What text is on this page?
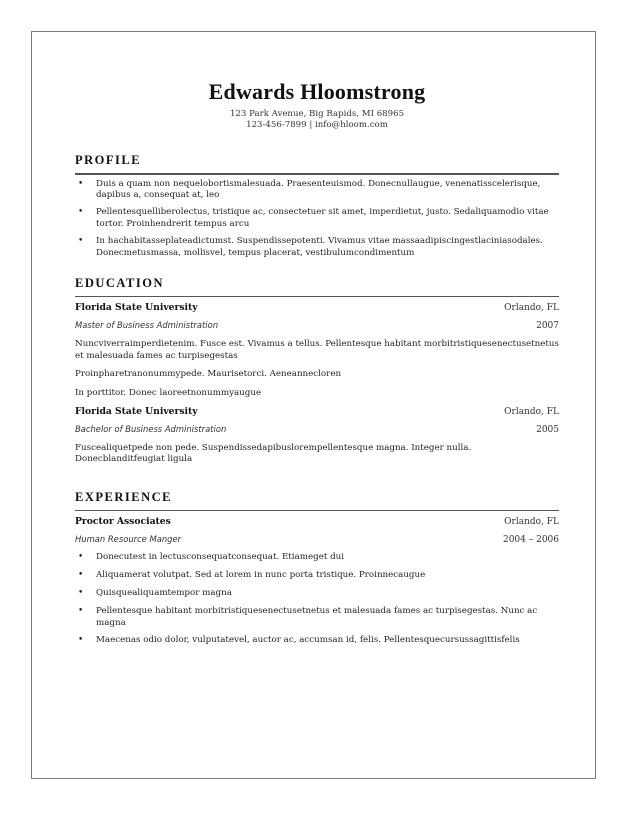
Edwards Hloomstrong
123 Park Avenue, Big Rapids, MI 68965
123-456-7899 | info@hloom.com
PROFILE
• Duis a quam non nequelobortismalesuada. Praesenteuismod. Donecnullaugue, venenatisscelerisque, dapibus a, consequat at, leo
• Pellentesquelliberolectus, tristique ac, consectetuer sit amet, imperdietut, justo. Sedaliquamodio vitae tortor. Proinhendrerit tempus arcu
• In hachabitasseplateadictumst. Suspendissepotenti. Vivamus vitae massaadipiscingestlaciniasodales. Donecmetusmassa, mollisvel, tempus placerat, vestibulumcondimentum
EDUCATION
Florida State University	Orlando, FL
Master of Business Administration	2007
Nuncviverraimperdietenim. Fusce est. Vivamus a tellus. Pellentesque habitant morbitristiquesenectusetnetus et malesuada fames ac turpisegestas
Proinpharetranonummypede. Maurisetorci. Aeneannecloren
In porttitor. Donec laoreetnonummyaugue
Florida State University	Orlando, FL
Bachelor of Business Administration	2005
Fuscealiquetpede non pede. Suspendissedapibuslorempellentesque magna. Integer nulla. Donecblanditfeugiat ligula
EXPERIENCE
Proctor Associates	Orlando, FL
Human Resource Manger	2004 – 2006
• Donecutest in lectusconsequatconsequat. Etiameget dui
• Aliquamerat volutpat. Sed at lorem in nunc porta tristique. Proinnecaugue
• Quisquealiquamtempor magna
• Pellentesque habitant morbitristiquesenectusetnetus et malesuada fames ac turpisegestas. Nunc ac magna
• Maecenas odio dolor, vulputatevel, auctor ac, accumsan id, felis. Pellentesquecursussagittisfelis
